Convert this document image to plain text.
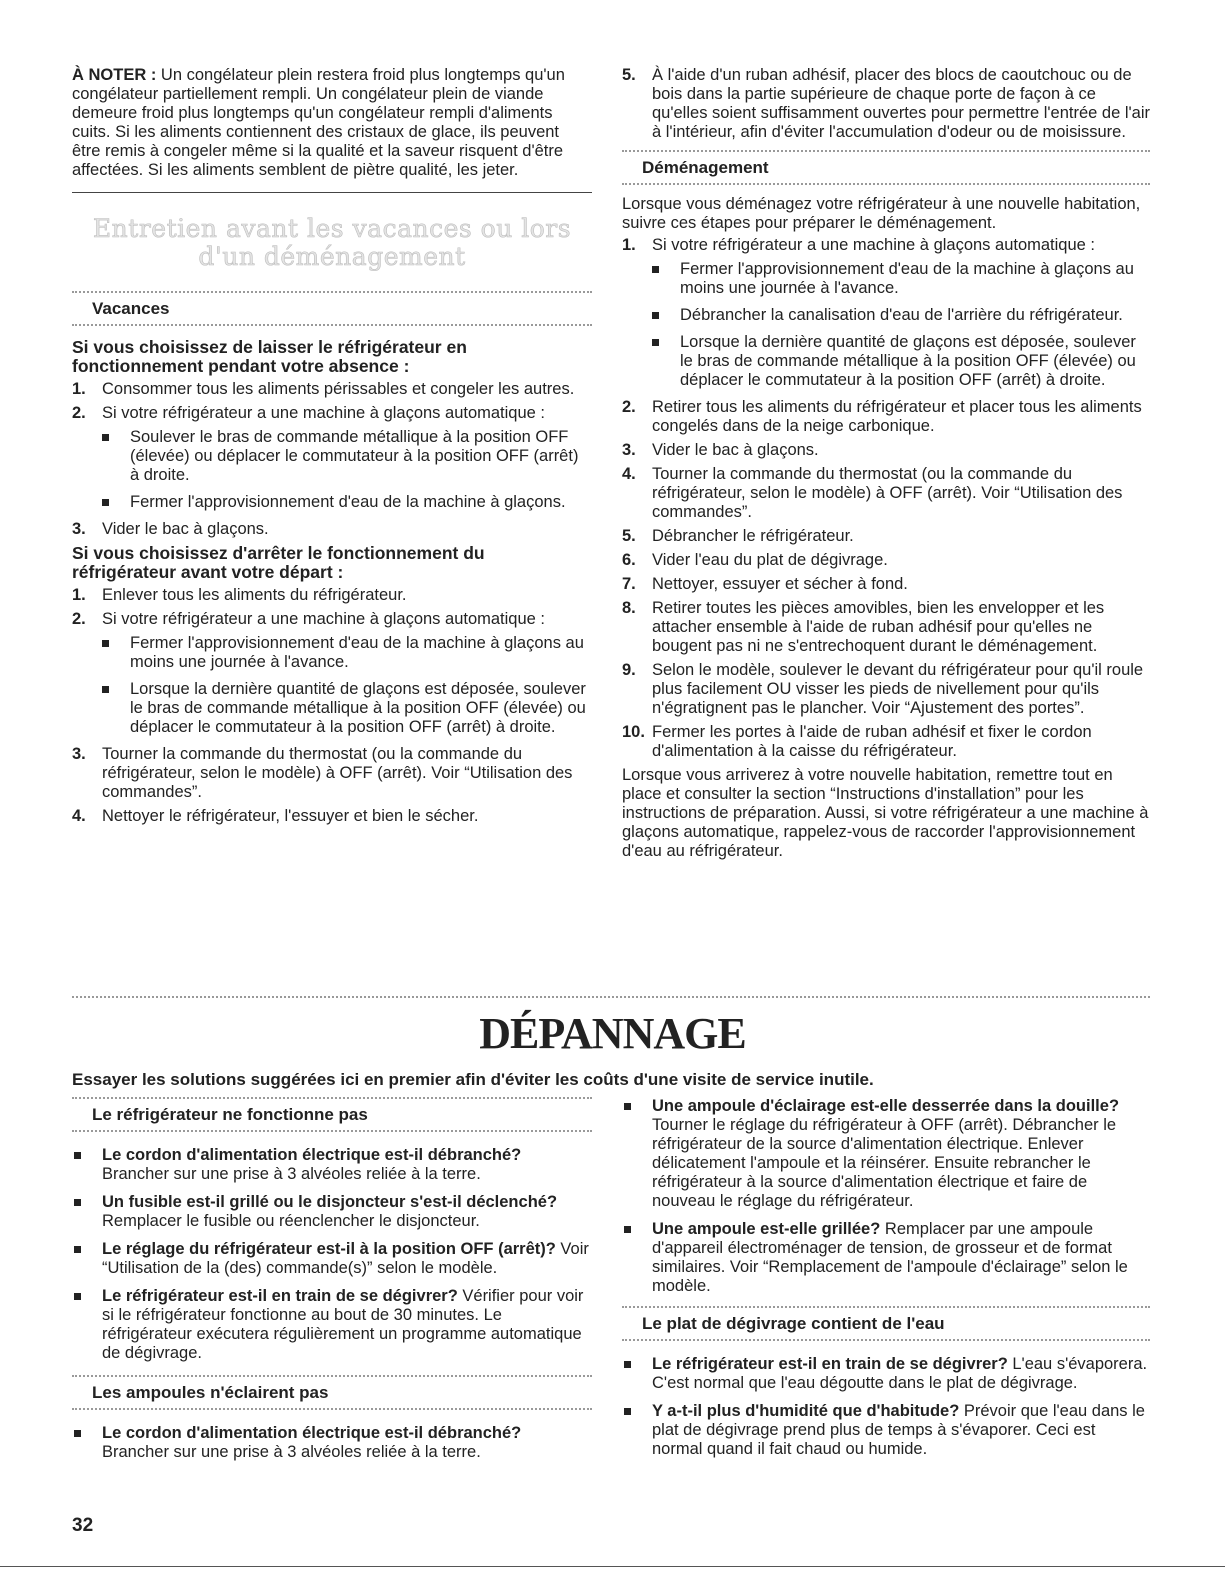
À NOTER : Un congélateur plein restera froid plus longtemps qu'un congélateur partiellement rempli. Un congélateur plein de viande demeure froid plus longtemps qu'un congélateur rempli d'aliments cuits. Si les aliments contiennent des cristaux de glace, ils peuvent être remis à congeler même si la qualité et la saveur risquent d'être affectées. Si les aliments semblent de piètre qualité, les jeter.

Entretien avant les vacances ou lors
d'un déménagement
Vacances

Si vous choisissez de laisser le réfrigérateur en fonctionnement pendant votre absence :

1. Consommer tous les aliments périssables et congeler les autres.
2. Si votre réfrigérateur a une machine à glaçons automatique :
Soulever le bras de commande métallique à la position OFF (élevée) ou déplacer le commutateur à la position OFF (arrêt) à droite.
Fermer l'approvisionnement d'eau de la machine à glaçons.
3. Vider le bac à glaçons.

Si vous choisissez d'arrêter le fonctionnement du réfrigérateur avant votre départ :

1. Enlever tous les aliments du réfrigérateur.
2. Si votre réfrigérateur a une machine à glaçons automatique :
Fermer l'approvisionnement d'eau de la machine à glaçons au moins une journée à l'avance.
Lorsque la dernière quantité de glaçons est déposée, soulever le bras de commande métallique à la position OFF (élevée) ou déplacer le commutateur à la position OFF (arrêt) à droite.
3. Tourner la commande du thermostat (ou la commande du réfrigérateur, selon le modèle) à OFF (arrêt). Voir “Utilisation des commandes”.
4. Nettoyer le réfrigérateur, l'essuyer et bien le sécher.
5. À l'aide d'un ruban adhésif, placer des blocs de caoutchouc ou de bois dans la partie supérieure de chaque porte de façon à ce qu'elles soient suffisamment ouvertes pour permettre l'entrée de l'air à l'intérieur, afin d'éviter l'accumulation d'odeur ou de moisissure.
Déménagement

Lorsque vous déménagez votre réfrigérateur à une nouvelle habitation, suivre ces étapes pour préparer le déménagement.

1. Si votre réfrigérateur a une machine à glaçons automatique :
Fermer l'approvisionnement d'eau de la machine à glaçons au moins une journée à l'avance.
Débrancher la canalisation d'eau de l'arrière du réfrigérateur.
Lorsque la dernière quantité de glaçons est déposée, soulever le bras de commande métallique à la position OFF (élevée) ou déplacer le commutateur à la position OFF (arrêt) à droite.
2. Retirer tous les aliments du réfrigérateur et placer tous les aliments congelés dans de la neige carbonique.
3. Vider le bac à glaçons.
4. Tourner la commande du thermostat (ou la commande du réfrigérateur, selon le modèle) à OFF (arrêt). Voir “Utilisation des commandes”.
5. Débrancher le réfrigérateur.
6. Vider l'eau du plat de dégivrage.
7. Nettoyer, essuyer et sécher à fond.
8. Retirer toutes les pièces amovibles, bien les envelopper et les attacher ensemble à l'aide de ruban adhésif pour qu'elles ne bougent pas ni ne s'entrechoquent durant le déménagement.
9. Selon le modèle, soulever le devant du réfrigérateur pour qu'il roule plus facilement OU visser les pieds de nivellement pour qu'ils n'égratignent pas le plancher. Voir “Ajustement des portes”.
10. Fermer les portes à l'aide de ruban adhésif et fixer le cordon d'alimentation à la caisse du réfrigérateur.

Lorsque vous arriverez à votre nouvelle habitation, remettre tout en place et consulter la section “Instructions d'installation” pour les instructions de préparation. Aussi, si votre réfrigérateur a une machine à glaçons automatique, rappelez-vous de raccorder l'approvisionnement d'eau au réfrigérateur.

DÉPANNAGE
Essayer les solutions suggérées ici en premier afin d'éviter les coûts d'une visite de service inutile.
Le réfrigérateur ne fonctionne pas
Le cordon d'alimentation électrique est-il débranché? Brancher sur une prise à 3 alvéoles reliée à la terre.
Un fusible est-il grillé ou le disjoncteur s'est-il déclenché? Remplacer le fusible ou réenclencher le disjoncteur.
Le réglage du réfrigérateur est-il à la position OFF (arrêt)? Voir “Utilisation de la (des) commande(s)” selon le modèle.
Le réfrigérateur est-il en train de se dégivrer? Vérifier pour voir si le réfrigérateur fonctionne au bout de 30 minutes. Le réfrigérateur exécutera régulièrement un programme automatique de dégivrage.
Les ampoules n'éclairent pas
Le cordon d'alimentation électrique est-il débranché? Brancher sur une prise à 3 alvéoles reliée à la terre.
Une ampoule d'éclairage est-elle desserrée dans la douille? Tourner le réglage du réfrigérateur à OFF (arrêt). Débrancher le réfrigérateur de la source d'alimentation électrique. Enlever délicatement l'ampoule et la réinsérer. Ensuite rebrancher le réfrigérateur à la source d'alimentation électrique et faire de nouveau le réglage du réfrigérateur.
Une ampoule est-elle grillée? Remplacer par une ampoule d'appareil électroménager de tension, de grosseur et de format similaires. Voir “Remplacement de l'ampoule d'éclairage” selon le modèle.
Le plat de dégivrage contient de l'eau
Le réfrigérateur est-il en train de se dégivrer? L'eau s'évaporera. C'est normal que l'eau dégoutte dans le plat de dégivrage.
Y a-t-il plus d'humidité que d'habitude? Prévoir que l'eau dans le plat de dégivrage prend plus de temps à s'évaporer. Ceci est normal quand il fait chaud ou humide.
32
